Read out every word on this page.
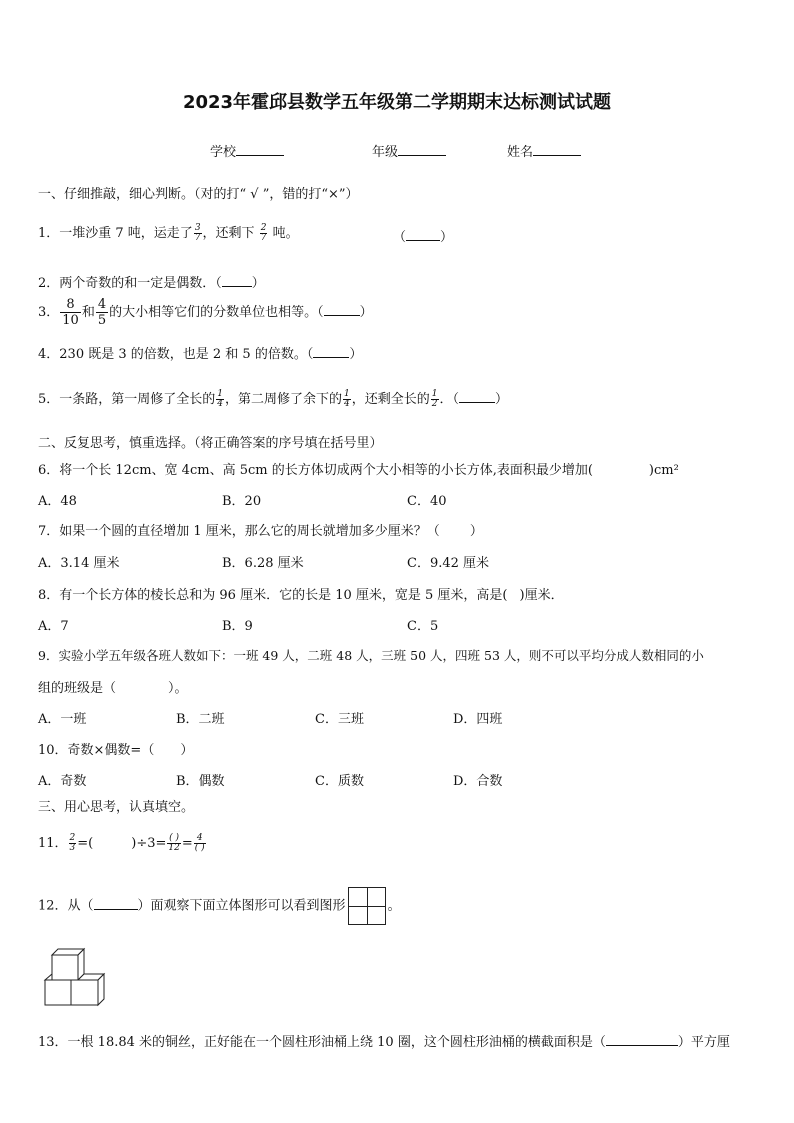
2023年霍邱县数学五年级第二学期期末达标测试试题
学校	年级	姓名
一、仔细推敲，细心判断。（对的打“ √ ”，错的打“×”）
1．一堆沙重 7 吨，运走了 $\frac{3}{7}$ ，还剩下 $\frac{2}{7}$ 吨。	（	）
2．两个奇数的和一定是偶数．（ ）
3． $\frac{8}{10}$ 和 $\frac{4}{5}$ 的大小相等它们的分数单位也相等。（	）
4．230 既是 3 的倍数，也是 2 和 5 的倍数。（	）
5．一条路，第一周修了全长的 $\frac{1}{4}$ ，第二周修了余下的 $\frac{1}{4}$ ，还剩全长的 $\frac{1}{2}$ ．（	）
二、反复思考，慎重选择。（将正确答案的序号填在括号里）
6．将一个长 12cm、宽 4cm、高 5cm 的长方体切成两个大小相等的小长方体,表面积最少增加(	)cm²
A．48	B．20	C．40
7．如果一个圆的直径增加 1 厘米，那么它的周长就增加多少厘米？（ ）
A．3.14 厘米	B．6.28 厘米	C．9.42 厘米
8．有一个长方体的棱长总和为 96 厘米．它的长是 10 厘米，宽是 5 厘米，高是( )厘米．
A．7	B．9	C．5
9．实验小学五年级各班人数如下：一班 49 人，二班 48 人，三班 50 人，四班 53 人，则不可以平均分成人数相同的小
组的班级是（	）。
A．一班	B．二班	C．三班	D．四班
10．奇数×偶数=（ ）
A．奇数	B．偶数	C．质数	D．合数
三、用心思考，认真填空。
11． $\frac{2}{3}$ =(	)$\div 3= \frac{( )}{12} = \frac{4}{( )}$
12．从（	）面观察下面立体图形可以看到图形	。
13．一根 18.84 米的铜丝，正好能在一个圆柱形油桶上绕 10 圈，这个圆柱形油桶的横截面积是（	）平方厘
